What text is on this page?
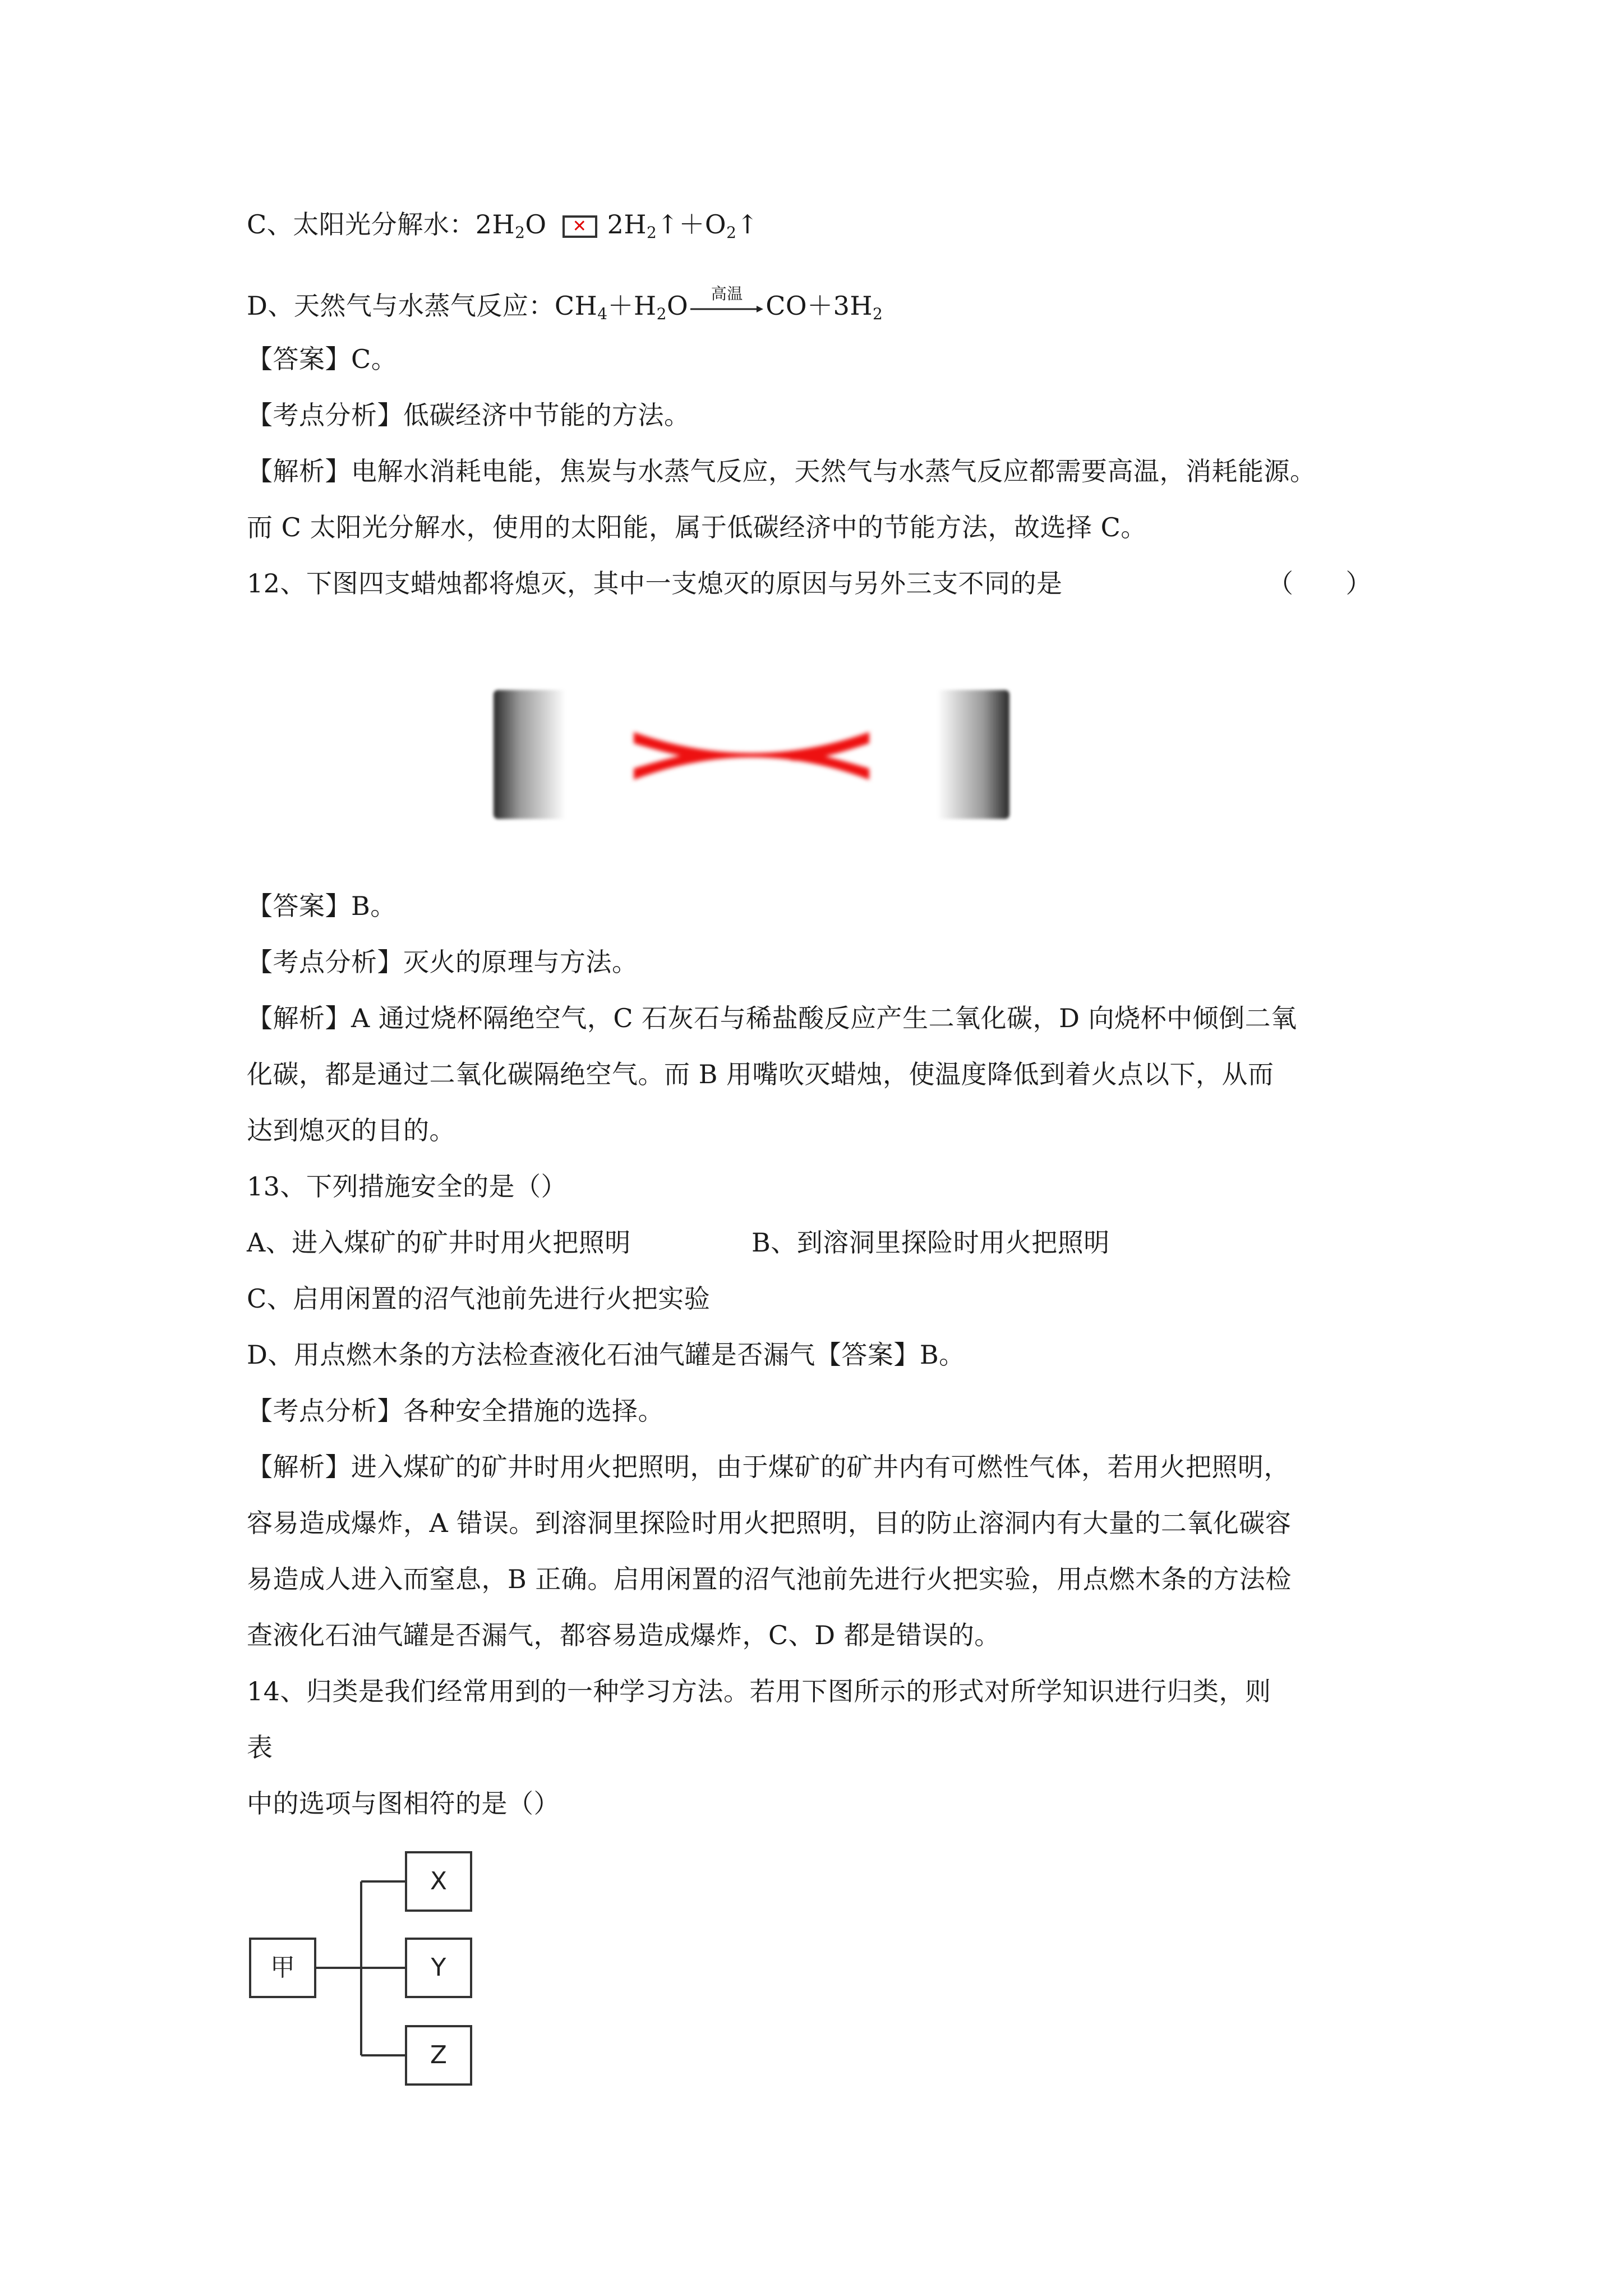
C、太阳光分解水：$2H_2O$ ✕ $2H_2↑+O_2↑$
D、天然气与水蒸气反应：$CH_4+H_2O$	高温 $CO+3H_2$
【答案】C。
【考点分析】低碳经济中节能的方法。
【解析】电解水消耗电能，焦炭与水蒸气反应，天然气与水蒸气反应都需要高温，消耗能源。
而 C 太阳光分解水，使用的太阳能，属于低碳经济中的节能方法，故选择 C。
12、下图四支蜡烛都将熄灭，其中一支熄灭的原因与另外三支不同的是	（　　）
【答案】B。
【考点分析】灭火的原理与方法。
【解析】A 通过烧杯隔绝空气，C 石灰石与稀盐酸反应产生二氧化碳，D 向烧杯中倾倒二氧
化碳，都是通过二氧化碳隔绝空气。而 B 用嘴吹灭蜡烛，使温度降低到着火点以下，从而
达到熄灭的目的。
13、下列措施安全的是（）
A、进入煤矿的矿井时用火把照明	B、到溶洞里探险时用火把照明
C、启用闲置的沼气池前先进行火把实验
D、用点燃木条的方法检查液化石油气罐是否漏气【答案】B。
【考点分析】各种安全措施的选择。
【解析】进入煤矿的矿井时用火把照明，由于煤矿的矿井内有可燃性气体，若用火把照明，
容易造成爆炸，A 错误。到溶洞里探险时用火把照明，目的防止溶洞内有大量的二氧化碳容
易造成人进入而窒息，B 正确。启用闲置的沼气池前先进行火把实验，用点燃木条的方法检
查液化石油气罐是否漏气，都容易造成爆炸，C、D 都是错误的。
14、归类是我们经常用到的一种学习方法。若用下图所示的形式对所学知识进行归类，则
表
中的选项与图相符的是（）
甲
X
Y
Z
